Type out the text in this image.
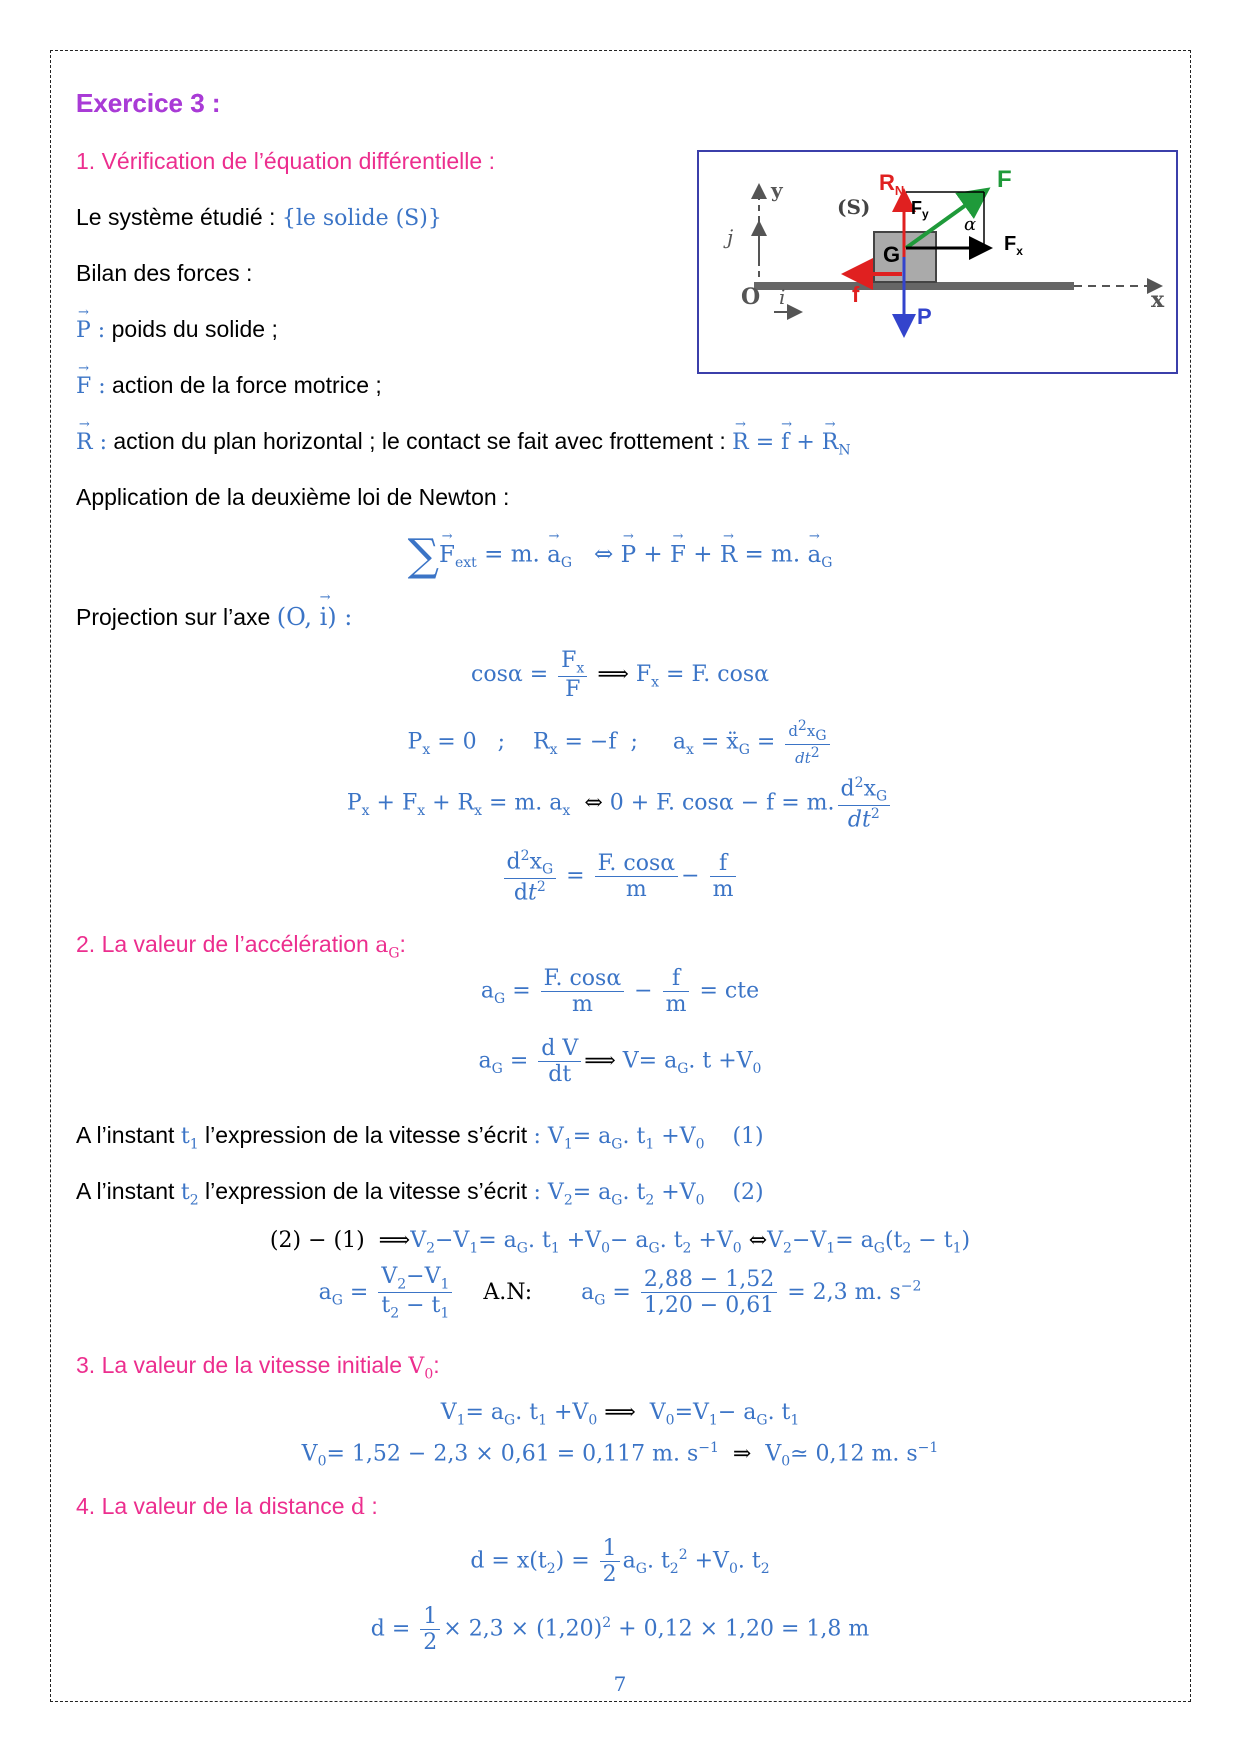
Exercice 3 :
1. Vérification de l’équation différentielle :
Le système étudié : {le solide (S)}
Bilan des forces :
→ P : poids du solide ;
→ F : action de la force motrice ;
→ R : action du plan horizontal ; le contact se fait avec frottement : → R = → f + → $R_N$
Application de la deuxième loi de Newton :
∑→ $F_{ext} = m$. → $a_G$   ⇔ → P + → F + → R = m. → $a_G$
Projection sur l’axe (O, → i) :
$\cos\alpha = \frac{F_x}{F}$ ⟹ $F_x = F$. cosα
$P_x = 0$   ;    $R_x = -f$  ;     $a_x$ = ẍ$_G$ = $\frac{d^2x_G}{dt^2}$
$P_x + F_x + R_x = m$. $a_x$ ⇔ 0 + F. cosα − f = m. $\frac{d^2x_G}{dt^2}$
$\frac{d^2x_G}{dt^2} = \frac{F. \cos\alpha}{m} - \frac{f}{m}$
2. La valeur de l’accélération $a_G$:
$a_G = \frac{F. \cos\alpha}{m} - \frac{f}{m}$ = cte
$a_G = \frac{\text{d V}}{dt}$ ⟹ $V= a_G$. $t +V_0$
A l’instant $t_1$ l’expression de la vitesse s’écrit : $V_1= a_G$. $t_1 +V_0$    (1)
A l’instant $t_2$ l’expression de la vitesse s’écrit : $V_2= a_G$. $t_2 +V_0$    (2)
(2) − (1)  $⟹V_2-V_1= a_G$. $t_1 +V_0- a_G$. $t_2 +V_0$ $\Leftrightarrow V_2-V_1= a_G(t_2 - t_1)$
$a_G = \frac{V_2-V_1}{t_2 - t_1} A.N$:       $a_G = \frac{2,88 - 1,52}{1,20 - 0,61} = 2,3$ m. $s^{-2}$
3. La valeur de la vitesse initiale $V_0$:
$V_1= a_G$. $t_1 +V_0$ ⟹  $V_0=V_1- a_G$. $t_1$
$V_0= 1,52 - 2,3 \times 0,61 = 0,117$ m. $s^{-1}$ ⇒  $V_0≃$ 0,12 m. $s^{-1}$
4. La valeur de la distance d :
$d = x(t_2) = \frac{1}{2} a_G$. $t_2^2 +V_0$. $t_2$
$d = \frac{1}{2} \times 2,3 \times (1,20)^2 + 0,12 \times 1,20 = 1,8$ m
7
y
j
O i	x
(S)
G
$R_N$	F
$F_y$ α
$F_x$
f
P
